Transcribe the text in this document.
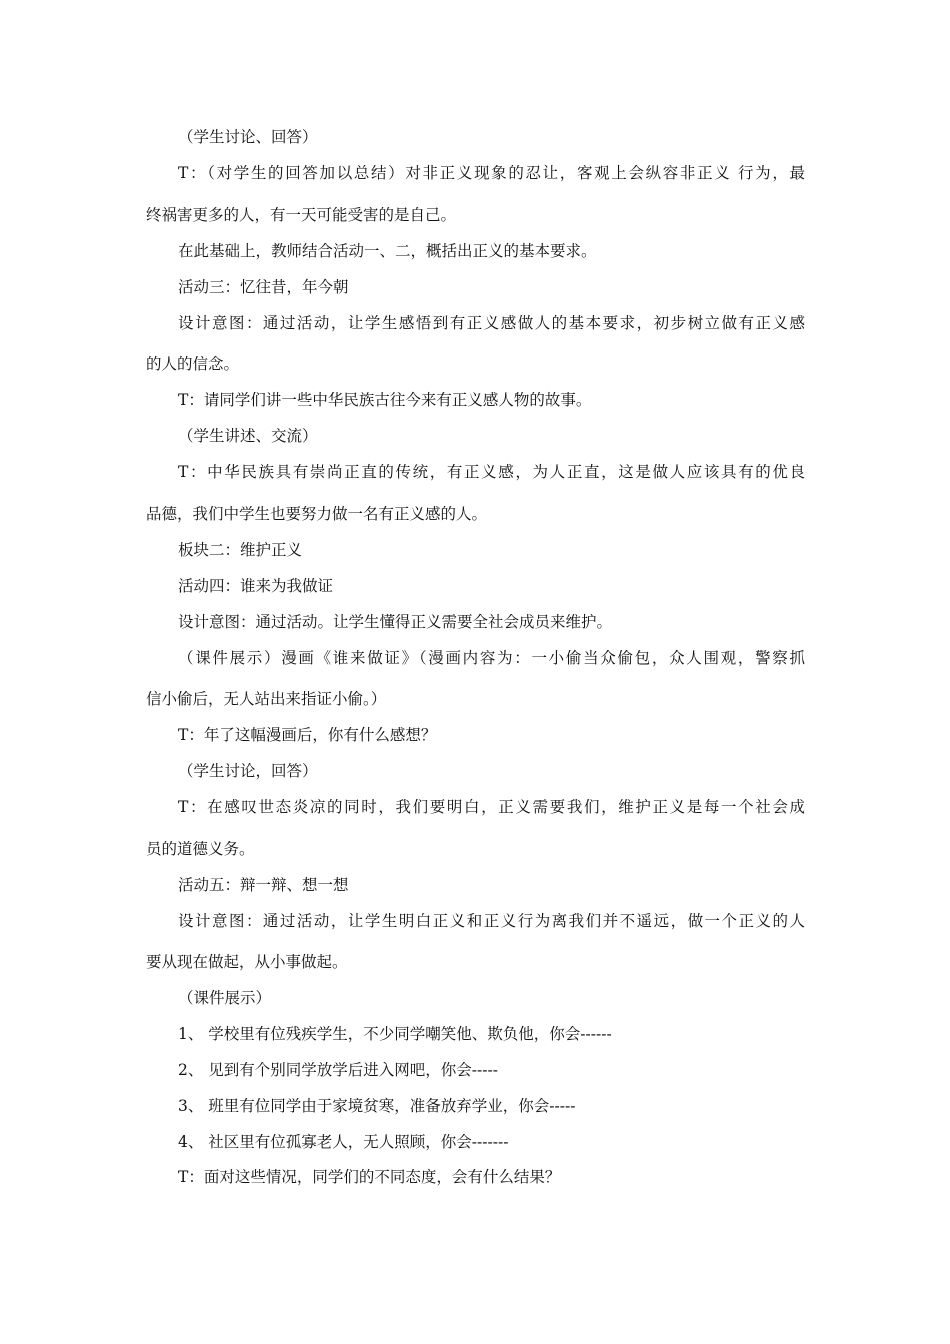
（学生讨论、回答）
T：（对学生的回答加以总结）对非正义现象的忍让，客观上会纵容非正义 行为，最
终祸害更多的人，有一天可能受害的是自己。
在此基础上，教师结合活动一、二，概括出正义的基本要求。
活动三：忆往昔，年今朝
设计意图：通过活动，让学生感悟到有正义感做人的基本要求，初步树立做有正义感
的人的信念。
T：请同学们讲一些中华民族古往今来有正义感人物的故事。
（学生讲述、交流）
T：中华民族具有崇尚正直的传统，有正义感，为人正直，这是做人应该具有的优良
品德，我们中学生也要努力做一名有正义感的人。
板块二：维护正义
活动四：谁来为我做证
设计意图：通过活动。让学生懂得正义需要全社会成员来维护。
（课件展示）漫画《谁来做证》（漫画内容为：一小偷当众偷包，众人围观，警察抓
信小偷后，无人站出来指证小偷。）
T：年了这幅漫画后，你有什么感想？
（学生讨论，回答）
T：在感叹世态炎凉的同时，我们要明白，正义需要我们，维护正义是每一个社会成
员的道德义务。
活动五：辩一辩、想一想
设计意图：通过活动，让学生明白正义和正义行为离我们并不遥远，做一个正义的人
要从现在做起，从小事做起。
（课件展示）
1、 学校里有位残疾学生，不少同学嘲笑他、欺负他，你会------
2、 见到有个别同学放学后进入网吧，你会-----
3、 班里有位同学由于家境贫寒，准备放弃学业，你会-----
4、 社区里有位孤寡老人，无人照顾，你会-------
T：面对这些情况，同学们的不同态度，会有什么结果？
